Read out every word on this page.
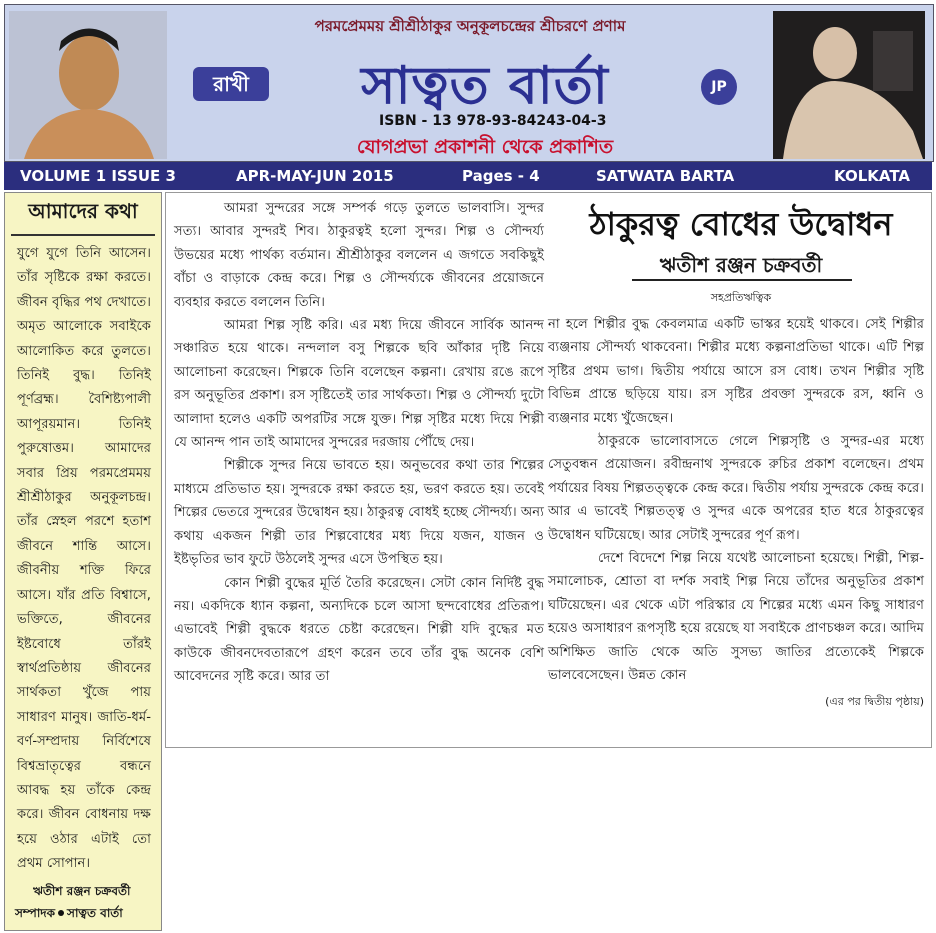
পরমপ্রেমময় শ্রীশ্রীঠাকুর অনুকূলচন্দ্রের শ্রীচরণে প্রণাম
রাখী	সাত্বত বার্তা	JP
ISBN - 13 978-93-84243-04-3
যোগপ্রভা প্রকাশনী থেকে প্রকাশিত
VOLUME 1 ISSUE 3	APR-MAY-JUN 2015	Pages - 4	SATWATA BARTA	KOLKATA
আমাদের কথা
যুগে যুগে তিনি আসেন। তাঁর সৃষ্টিকে রক্ষা করতে। জীবন বৃদ্ধির পথ দেখাতে। অমৃত আলোকে সবাইকে আলোকিত করে তুলতে। তিনিই বুদ্ধ। তিনিই পূর্ণব্রহ্ম। বৈশিষ্ট্যপালী আপূরয়মান। তিনিই পুরুষোত্তম। আমাদের সবার প্রিয় পরমপ্রেমময় শ্রীশ্রীঠাকুর অনুকূলচন্দ্র। তাঁর স্নেহল পরশে হতাশ জীবনে শান্তি আসে। জীবনীয় শক্তি ফিরে আসে। যাঁর প্রতি বিশ্বাসে, ভক্তিতে, জীবনের ইষ্টবোধে তাঁরই স্বার্থপ্রতিষ্ঠায় জীবনের সার্থকতা খুঁজে পায় সাধারণ মানুষ। জাতি-ধর্ম-বর্ণ-সম্প্রদায় নির্বিশেষে বিশ্বভ্রাতৃত্বের বন্ধনে আবদ্ধ হয় তাঁকে কেন্দ্র করে। জীবন বোধনায় দক্ষ হয়ে ওঠার এটাই তো প্রথম সোপান।
ঋতীশ রঞ্জন চক্রবর্তী
সম্পাদক সাত্বত বার্তা

আমরা সুন্দরের সঙ্গে সম্পর্ক গড়ে তুলতে ভালবাসি। সুন্দর সত্য। আবার সুন্দরই শিব। ঠাকুরত্বই হলো সুন্দর। শিল্প ও সৌন্দর্য্য উভয়ের মধ্যে পার্থক্য বর্তমান। শ্রীশ্রীঠাকুর বললেন এ জগতে সবকিছুই বাঁচা ও বাড়াকে কেন্দ্র করে। শিল্প ও সৌন্দর্য্যকে জীবনের প্রয়োজনে ব্যবহার করতে বললেন তিনি।

আমরা শিল্প সৃষ্টি করি। এর মধ্য দিয়ে জীবনে সার্বিক আনন্দ সঞ্চারিত হয়ে থাকে। নন্দলাল বসু শিল্পকে ছবি আঁকার দৃষ্টি নিয়ে আলোচনা করেছেন। শিল্পকে তিনি বলেছেন কল্পনা। রেখায় রঙে রূপে রস অনুভূতির প্রকাশ। রস সৃষ্টিতেই তার সার্থকতা। শিল্প ও সৌন্দর্য্য দুটো আলাদা হলেও একটি অপরটির সঙ্গে যুক্ত। শিল্প সৃষ্টির মধ্যে দিয়ে শিল্পী যে আনন্দ পান তাই আমাদের সুন্দরের দরজায় পৌঁছে দেয়।

শিল্পীকে সুন্দর নিয়ে ভাবতে হয়। অনুভবের কথা তার শিল্পের মাধ্যমে প্রতিভাত হয়। সুন্দরকে রক্ষা করতে হয়, ভরণ করতে হয়। তবেই শিল্পের ভেতরে সুন্দরের উদ্বোধন হয়। ঠাকুরত্ব বোধই হচ্ছে সৌন্দর্য্য। অন্য কথায় একজন শিল্পী তার শিল্পবোধের মধ্য দিয়ে যজন, যাজন ও ইষ্টভৃতির ভাব ফুটে উঠলেই সুন্দর এসে উপস্থিত হয়।

কোন শিল্পী বুদ্ধের মূর্তি তৈরি করেছেন। সেটা কোন নির্দিষ্ট বুদ্ধ নয়। একদিকে ধ্যান কল্পনা, অন্যদিকে চলে আসা ছন্দবোধের প্রতিরূপ। এভাবেই শিল্পী বুদ্ধকে ধরতে চেষ্টা করেছেন। শিল্পী যদি বুদ্ধের মত কাউকে জীবনদেবতারূপে গ্রহণ করেন তবে তাঁর বুদ্ধ অনেক বেশি আবেদনের সৃষ্টি করে। আর তা

ঠাকুরত্ব বোধের উদ্বোধন
ঋতীশ রঞ্জন চক্রবর্তী
সহপ্রতিঋত্বিক

না হলে শিল্পীর বুদ্ধ কেবলমাত্র একটি ভাস্কর হয়েই থাকবে। সেই শিল্পীর ব্যঞ্জনায় সৌন্দর্য্য থাকবেনা। শিল্পীর মধ্যে কল্পনাপ্রতিভা থাকে। এটি শিল্প সৃষ্টির প্রথম ভাগ। দ্বিতীয় পর্যায়ে আসে রস বোধ। তখন শিল্পীর সৃষ্টি বিভিন্ন প্রান্তে ছড়িয়ে যায়। রস সৃষ্টির প্রবক্তা সুন্দরকে রস, ধ্বনি ও ব্যঞ্জনার মধ্যে খুঁজেছেন।

ঠাকুরকে ভালোবাসতে গেলে শিল্পসৃষ্টি ও সুন্দর-এর মধ্যে সেতুবন্ধন প্রয়োজন। রবীন্দ্রনাথ সুন্দরকে রুচির প্রকাশ বলেছেন। প্রথম পর্যায়ের বিষয় শিল্পতত্ত্বকে কেন্দ্র করে। দ্বিতীয় পর্যায় সুন্দরকে কেন্দ্র করে। আর এ ভাবেই শিল্পতত্ত্ব ও সুন্দর একে অপরের হাত ধরে ঠাকুরত্বের উদ্বোধন ঘটিয়েছে। আর সেটাই সুন্দরের পূর্ণ রূপ।

দেশে বিদেশে শিল্প নিয়ে যথেষ্ট আলোচনা হয়েছে। শিল্পী, শিল্প-সমালোচক, শ্রোতা বা দর্শক সবাই শিল্প নিয়ে তাঁদের অনুভূতির প্রকাশ ঘটিয়েছেন। এর থেকে এটা পরিস্কার যে শিল্পের মধ্যে এমন কিছু সাধারণ হয়েও অসাধারণ রূপসৃষ্টি হয়ে রয়েছে যা সবাইকে প্রাণচঞ্চল করে। আদিম অশিক্ষিত জাতি থেকে অতি সুসভ্য জাতির প্রত্যেকেই শিল্পকে ভালবেসেছেন। উন্নত কোন

(এর পর দ্বিতীয় পৃষ্ঠায়)
